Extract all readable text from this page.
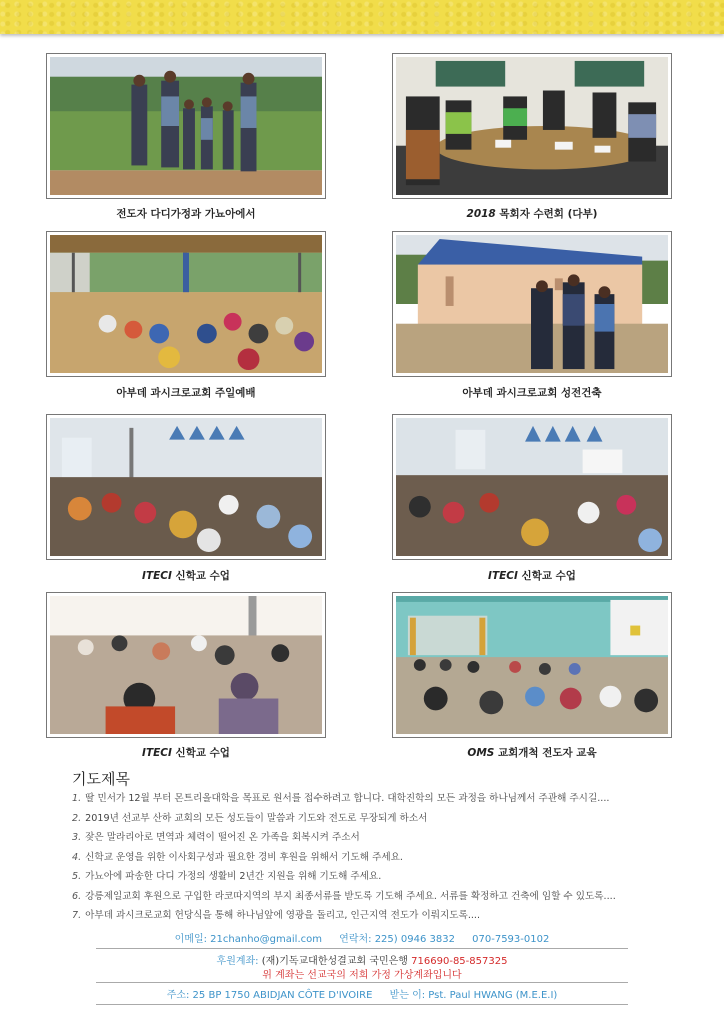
전도자 다디가정과 가뇨아에서	2018 목회자 수련회 (다부)
아부데 과시크로교회 주일예배	아부데 과시크로교회 성전건축
ITECI 신학교 수업	ITECI 신학교 수업
ITECI 신학교 수업	OMS 교회개척 전도자 교육
기도제목
1. 딸 민서가 12월 부터 몬트리올대학을 목표로 원서를 접수하려고 합니다. 대학진학의 모든 과정을 하나님께서 주관해 주시길....
2. 2019년 선교부 산하 교회의 모든 성도들이 말씀과 기도와 전도로 무장되게 하소서
3. 잦은 말라리아로 면역과 체력이 떨어진 온 가족을 회복시켜 주소서
4. 신학교 운영을 위한 이사회구성과 필요한 경비 후원을 위해서 기도해 주세요.
5. 가뇨아에 파송한 다디 가정의 생활비 2년간 지원을 위해 기도해 주세요.
6. 강릉제일교회 후원으로 구입한 라코따지역의 부지 최종서류를 받도록 기도해 주세요. 서류를 확정하고 건축에 임할 수 있도록....
7. 아부데 과시크로교회 헌당식을 통해 하나님앞에 영광을 돌리고, 인근지역 전도가 이뤄지도록....
이메일: 21chanho@gmail.com 연락처: 225) 0946 3832 070-7593-0102
후원계좌: (재)기독교대한성결교회 국민은행 716690-85-857325
위 계좌는 선교국의 저희 가정 가상계좌입니다
주소: 25 BP 1750 ABIDJAN CÔTE D'IVOIRE 받는 이: Pst. Paul HWANG (M.E.E.I)
